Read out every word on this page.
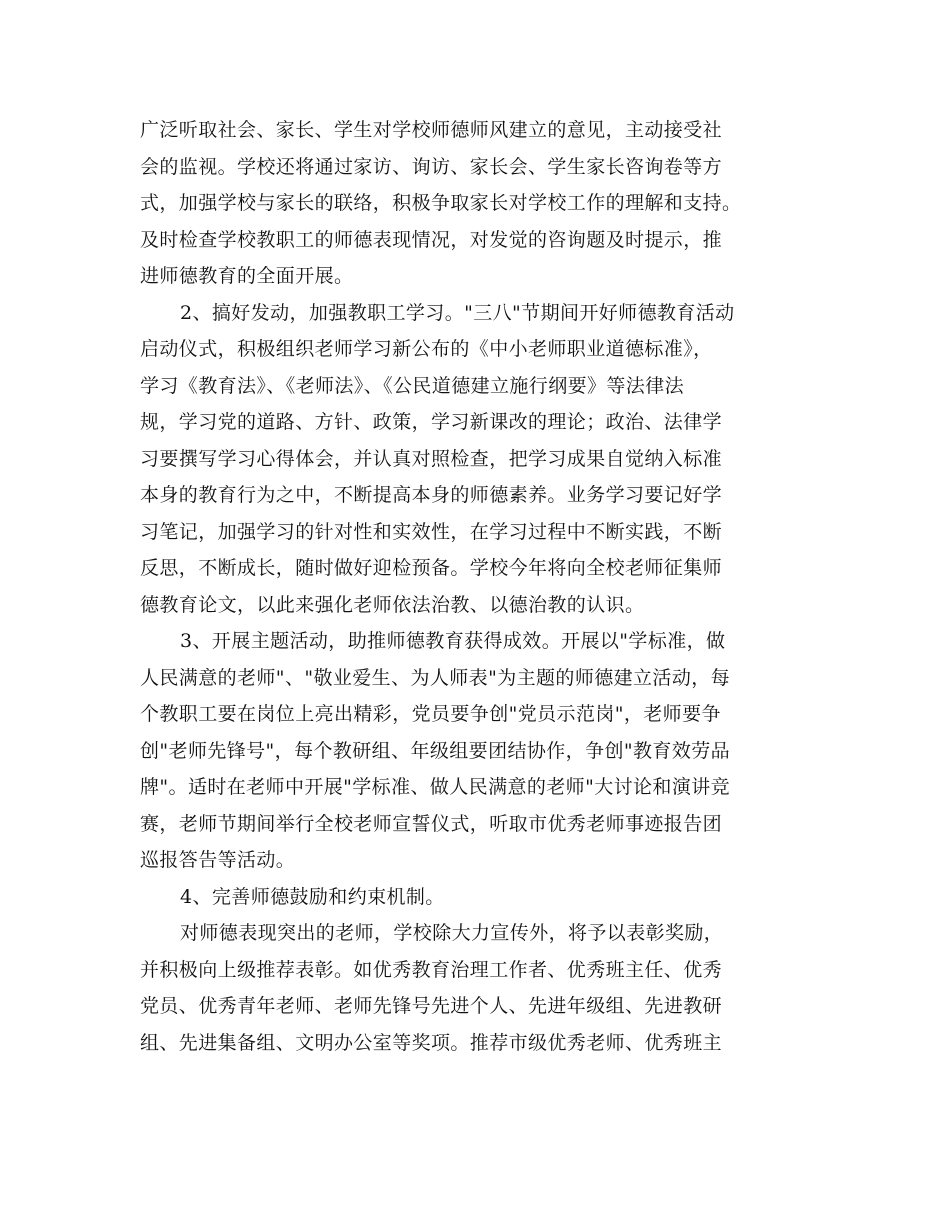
广泛听取社会、家长、学生对学校师德师风建立的意见，主动接受社
会的监视。学校还将通过家访、询访、家长会、学生家长咨询卷等方
式，加强学校与家长的联络，积极争取家长对学校工作的理解和支持。
及时检查学校教职工的师德表现情况，对发觉的咨询题及时提示，推
进师德教育的全面开展。

2、搞好发动，加强教职工学习。"三八"节期间开好师德教育活动
启动仪式，积极组织老师学习新公布的《中小老师职业道德标准》，
学习《教育法》、《老师法》、《公民道德建立施行纲要》等法律法
规，学习党的道路、方针、政策，学习新课改的理论；政治、法律学
习要撰写学习心得体会，并认真对照检查，把学习成果自觉纳入标准
本身的教育行为之中，不断提高本身的师德素养。业务学习要记好学
习笔记，加强学习的针对性和实效性，在学习过程中不断实践，不断
反思，不断成长，随时做好迎检预备。学校今年将向全校老师征集师
德教育论文，以此来强化老师依法治教、以德治教的认识。

3、开展主题活动，助推师德教育获得成效。开展以"学标准，做
人民满意的老师"、"敬业爱生、为人师表"为主题的师德建立活动，每
个教职工要在岗位上亮出精彩，党员要争创"党员示范岗"，老师要争
创"老师先锋号"，每个教研组、年级组要团结协作，争创"教育效劳品
牌"。适时在老师中开展"学标准、做人民满意的老师"大讨论和演讲竞
赛，老师节期间举行全校老师宣誓仪式，听取市优秀老师事迹报告团
巡报答告等活动。

4、完善师德鼓励和约束机制。

对师德表现突出的老师，学校除大力宣传外，将予以表彰奖励，
并积极向上级推荐表彰。如优秀教育治理工作者、优秀班主任、优秀
党员、优秀青年老师、老师先锋号先进个人、先进年级组、先进教研
组、先进集备组、文明办公室等奖项。推荐市级优秀老师、优秀班主
